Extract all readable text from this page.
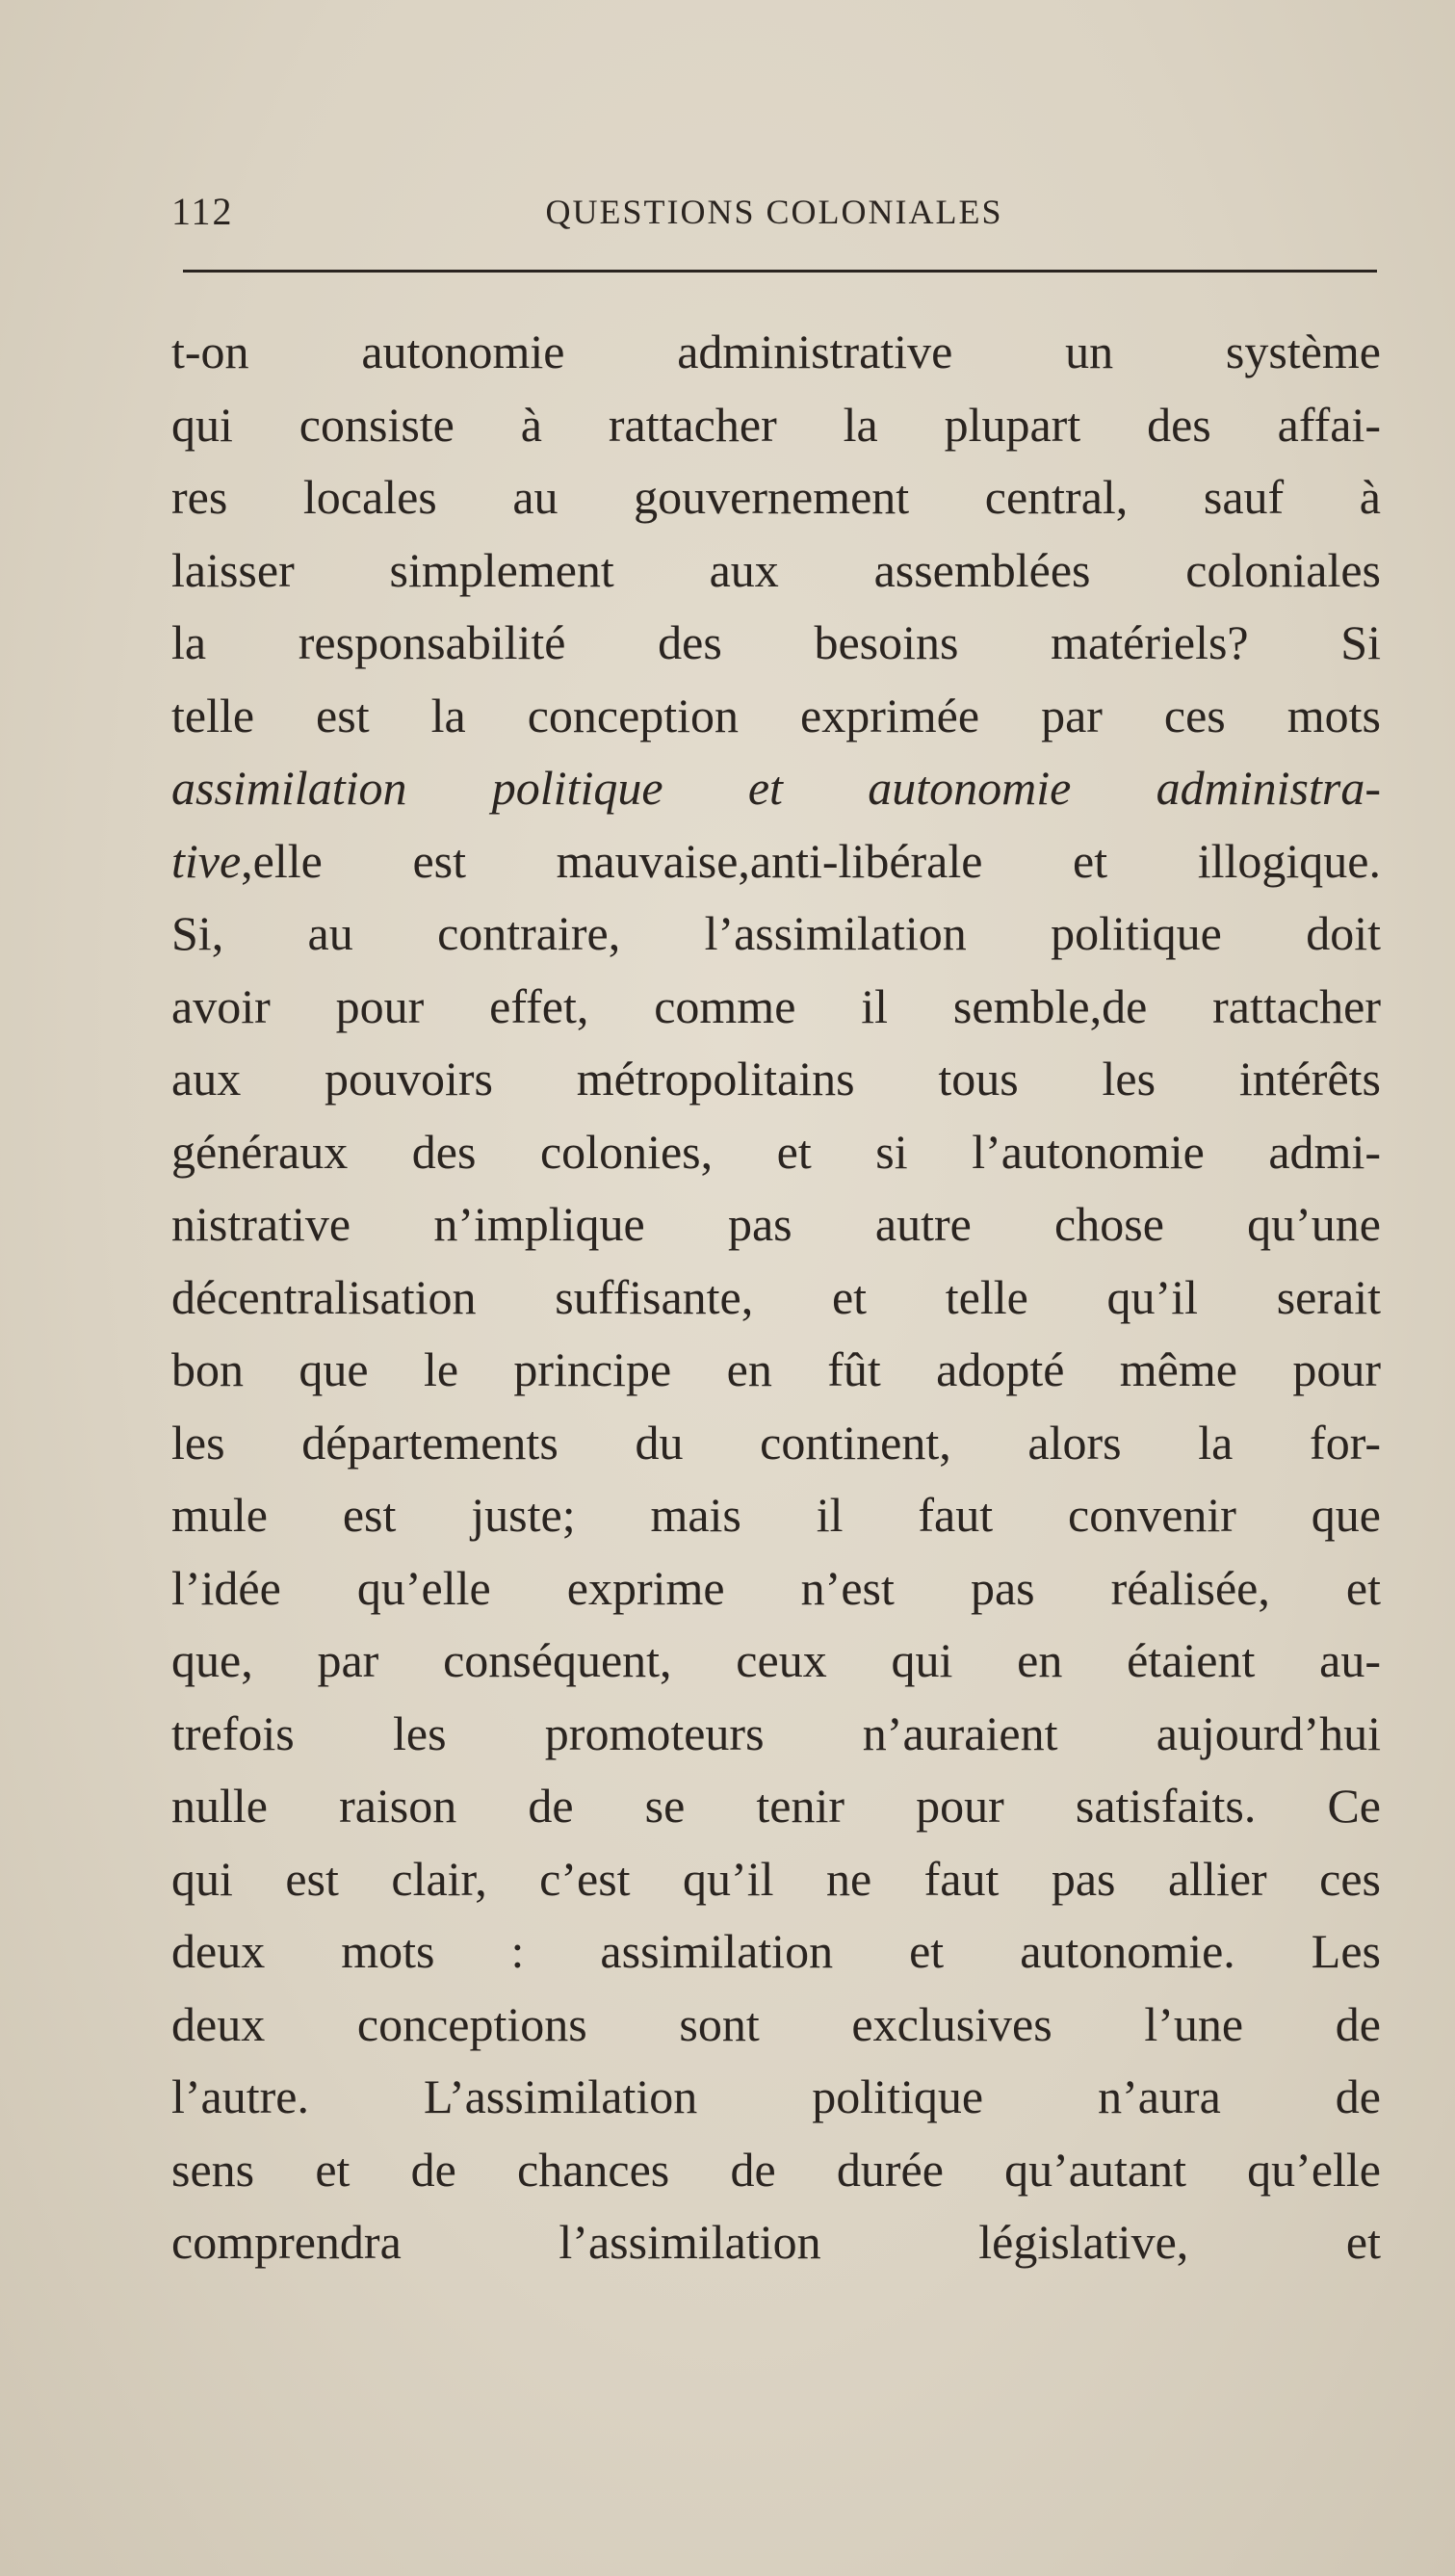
112	QUESTIONS COLONIALES
t-on autonomie administrative un système
qui consiste à rattacher la plupart des affai-
res locales au gouvernement central, sauf à
laisser simplement aux assemblées coloniales
la responsabilité des besoins matériels? Si
telle est la conception exprimée par ces mots
assimilation politique et autonomie administra-
tive,elle est mauvaise,anti-libérale et illogique.
Si, au contraire, l’assimilation politique doit
avoir pour effet, comme il semble,de rattacher
aux pouvoirs métropolitains tous les intérêts
généraux des colonies, et si l’autonomie admi-
nistrative n’implique pas autre chose qu’une
décentralisation suffisante, et telle qu’il serait
bon que le principe en fût adopté même pour
les départements du continent, alors la for-
mule est juste; mais il faut convenir que
l’idée qu’elle exprime n’est pas réalisée, et
que, par conséquent, ceux qui en étaient au-
trefois les promoteurs n’auraient aujourd’hui
nulle raison de se tenir pour satisfaits. Ce
qui est clair, c’est qu’il ne faut pas allier ces
deux mots : assimilation et autonomie. Les
deux conceptions sont exclusives l’une de
l’autre. L’assimilation politique n’aura de
sens et de chances de durée qu’autant qu’elle
comprendra l’assimilation législative, et
